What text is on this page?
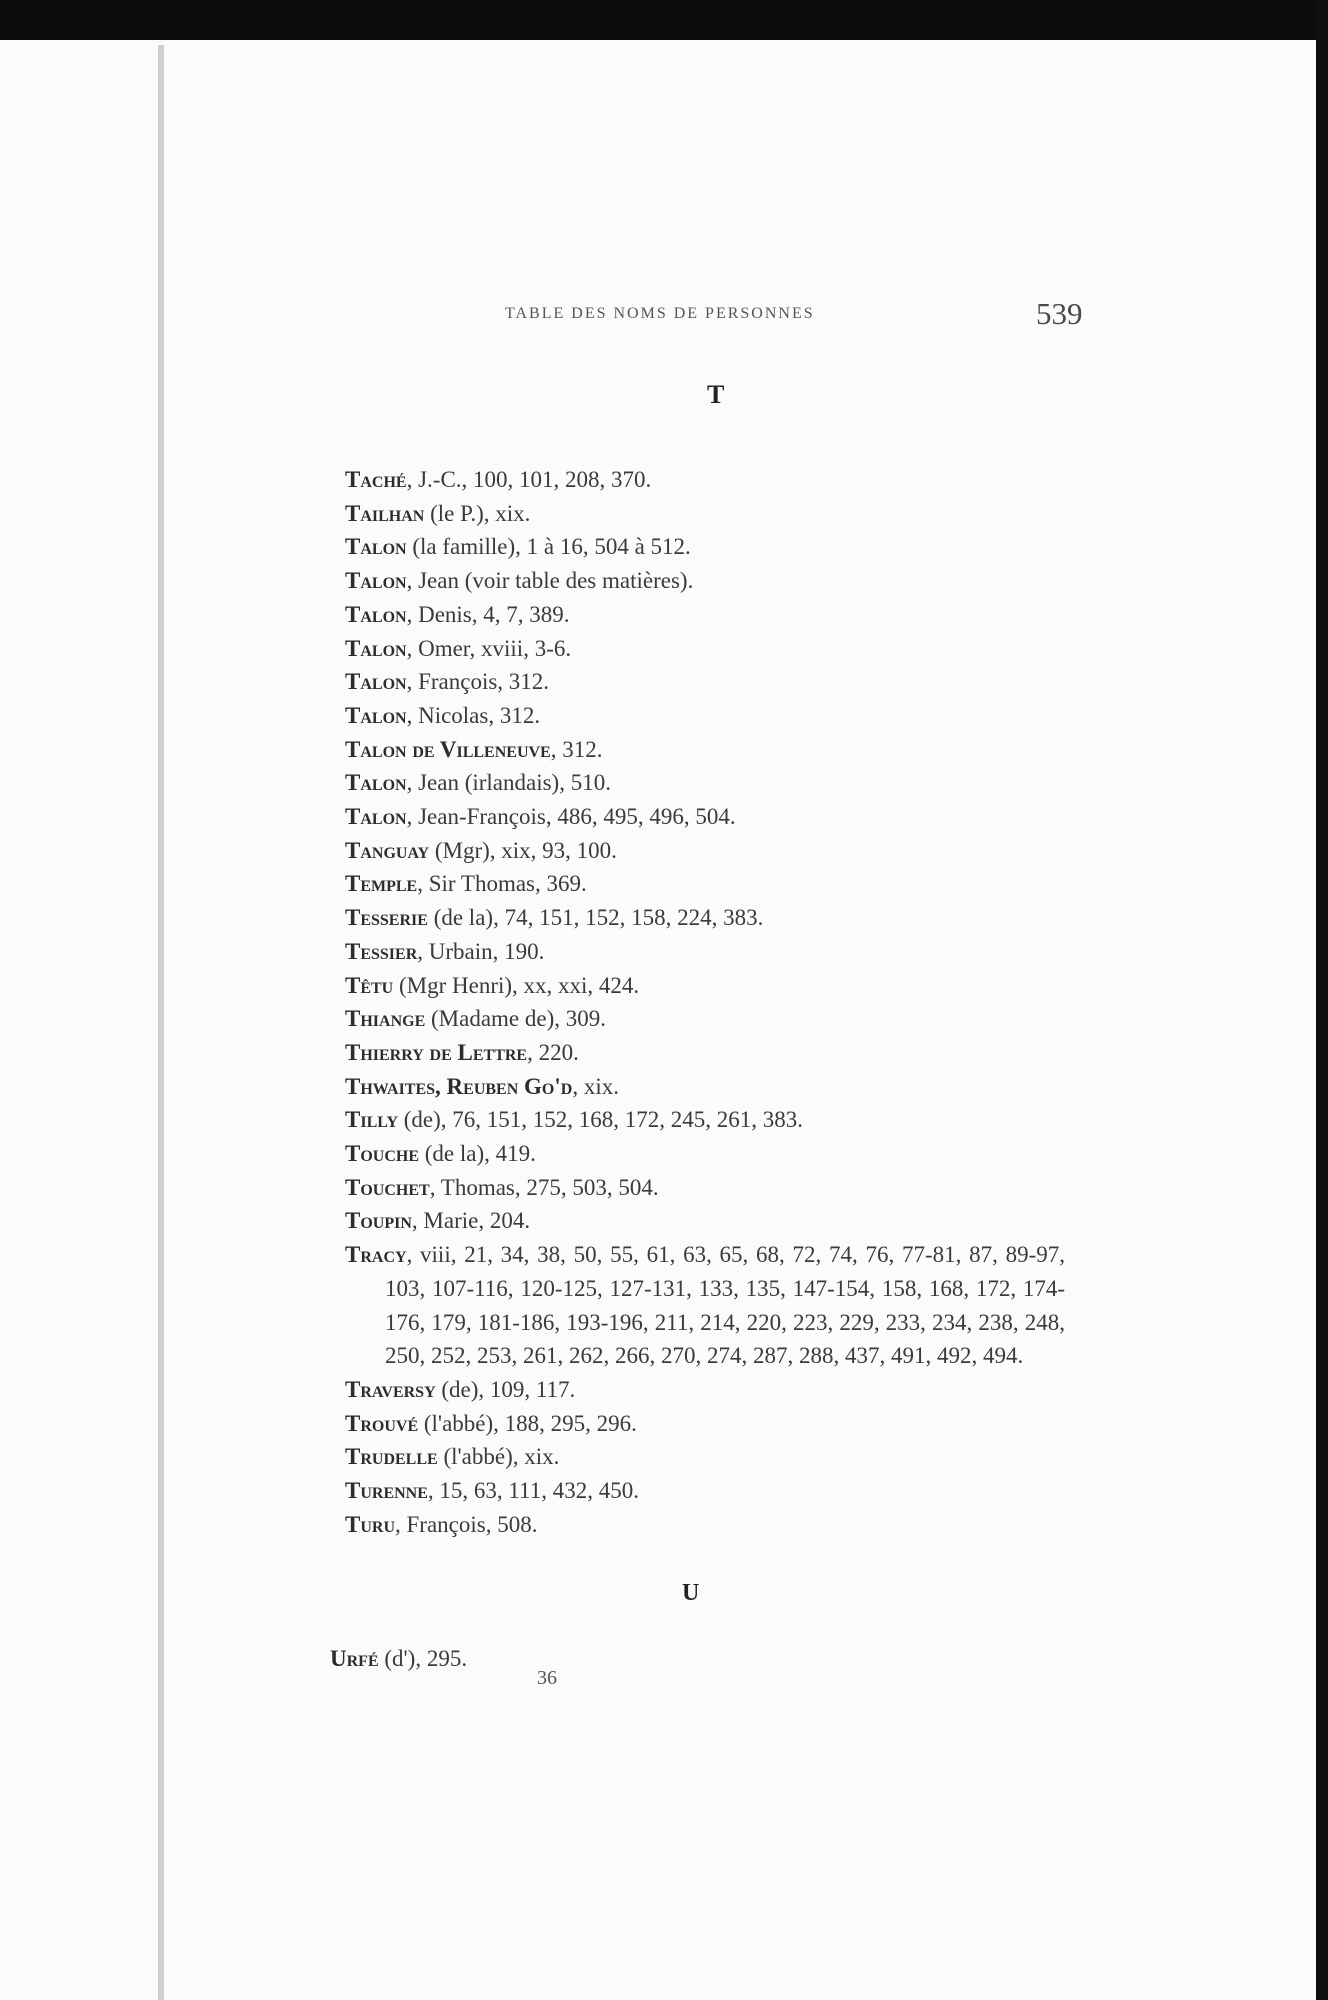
TABLE DES NOMS DE PERSONNES	539
T
Taché, J.-C., 100, 101, 208, 370.
Tailhan (le P.), xix.
Talon (la famille), 1 à 16, 504 à 512.
Talon, Jean (voir table des matières).
Talon, Denis, 4, 7, 389.
Talon, Omer, xviii, 3-6.
Talon, François, 312.
Talon, Nicolas, 312.
Talon de Villeneuve, 312.
Talon, Jean (irlandais), 510.
Talon, Jean-François, 486, 495, 496, 504.
Tanguay (Mgr), xix, 93, 100.
Temple, Sir Thomas, 369.
Tesserie (de la), 74, 151, 152, 158, 224, 383.
Tessier, Urbain, 190.
Têtu (Mgr Henri), xx, xxi, 424.
Thiange (Madame de), 309.
Thierry de Lettre, 220.
Thwaites, Reuben Go'd, xix.
Tilly (de), 76, 151, 152, 168, 172, 245, 261, 383.
Touche (de la), 419.
Touchet, Thomas, 275, 503, 504.
Toupin, Marie, 204.
Tracy, viii, 21, 34, 38, 50, 55, 61, 63, 65, 68, 72, 74, 76, 77-81, 87, 89-97, 103, 107-116, 120-125, 127-131, 133, 135, 147-154, 158, 168, 172, 174-176, 179, 181-186, 193-196, 211, 214, 220, 223, 229, 233, 234, 238, 248, 250, 252, 253, 261, 262, 266, 270, 274, 287, 288, 437, 491, 492, 494.
Traversy (de), 109, 117.
Trouvé (l'abbé), 188, 295, 296.
Trudelle (l'abbé), xix.
Turenne, 15, 63, 111, 432, 450.
Turu, François, 508.
U
Urfé (d'), 295.
36
